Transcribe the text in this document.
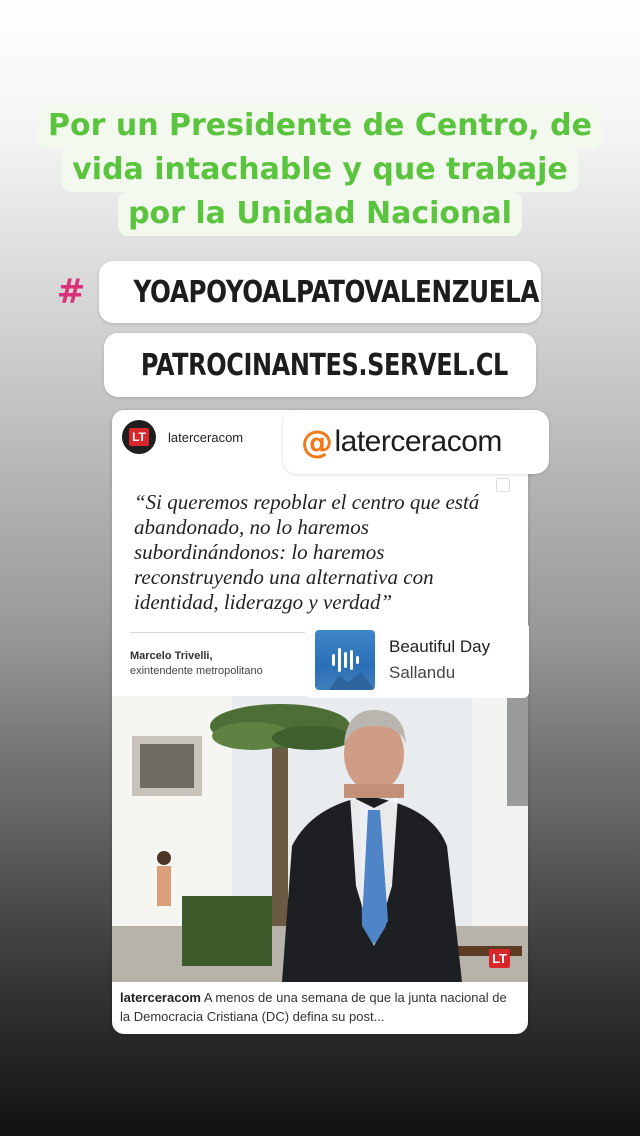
Por un Presidente de Centro, de
vida intachable y que trabaje
por la Unidad Nacional
# YOAPOYOALPATOVALENZUELA
PATROCINANTES.SERVEL.CL
LT laterceracom
“Si queremos repoblar el centro que está abandonado, no lo haremos subordinándonos: lo haremos reconstruyendo una alternativa con identidad, liderazgo y verdad”
Marcelo Trivelli,
exintendente metropolitano
LT
laterceracom A menos de una semana de que la junta nacional de la Democracia Cristiana (DC) defina su post...
@ laterceracom
Beautiful Day
Sallandu
